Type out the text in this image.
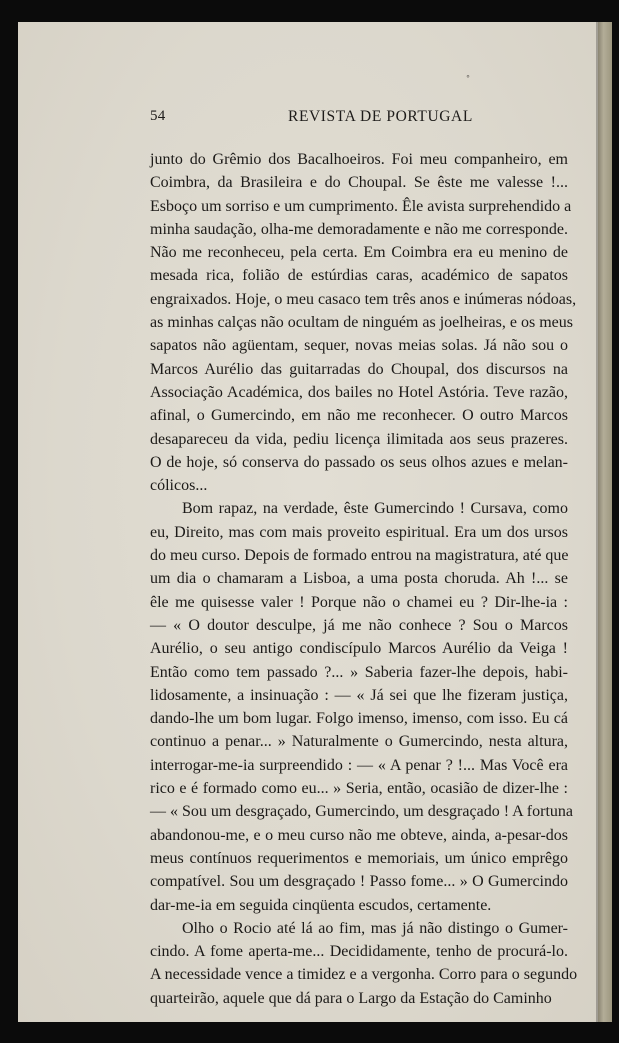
°
54	REVISTA DE PORTUGAL
junto do Grêmio dos Bacalhoeiros. Foi meu companheiro, em
Coimbra, da Brasileira e do Choupal. Se êste me valesse !...
Esboço um sorriso e um cumprimento. Êle avista surprehendido a
minha saudação, olha-me demoradamente e não me corresponde.
Não me reconheceu, pela certa. Em Coimbra era eu menino de
mesada rica, folião de estúrdias caras, académico de sapatos
engraixados. Hoje, o meu casaco tem três anos e inúmeras nódoas,
as minhas calças não ocultam de ninguém as joelheiras, e os meus
sapatos não agüentam, sequer, novas meias solas. Já não sou o
Marcos Aurélio das guitarradas do Choupal, dos discursos na
Associação Académica, dos bailes no Hotel Astória. Teve razão,
afinal, o Gumercindo, em não me reconhecer. O outro Marcos
desapareceu da vida, pediu licença ilimitada aos seus prazeres.
O de hoje, só conserva do passado os seus olhos azues e melan-
cólicos...
Bom rapaz, na verdade, êste Gumercindo ! Cursava, como
eu, Direito, mas com mais proveito espiritual. Era um dos ursos
do meu curso. Depois de formado entrou na magistratura, até que
um dia o chamaram a Lisboa, a uma posta choruda. Ah !... se
êle me quisesse valer ! Porque não o chamei eu ? Dir-lhe-ia :
— « O doutor desculpe, já me não conhece ? Sou o Marcos
Aurélio, o seu antigo condiscípulo Marcos Aurélio da Veiga !
Então como tem passado ?... » Saberia fazer-lhe depois, habi-
lidosamente, a insinuação : — « Já sei que lhe fizeram justiça,
dando-lhe um bom lugar. Folgo imenso, imenso, com isso. Eu cá
continuo a penar... » Naturalmente o Gumercindo, nesta altura,
interrogar-me-ia surpreendido : — « A penar ? !... Mas Você era
rico e é formado como eu... » Seria, então, ocasião de dizer-lhe :
— « Sou um desgraçado, Gumercindo, um desgraçado ! A fortuna
abandonou-me, e o meu curso não me obteve, ainda, a-pesar-dos
meus contínuos requerimentos e memoriais, um único emprêgo
compatível. Sou um desgraçado ! Passo fome... » O Gumercindo
dar-me-ia em seguida cinqüenta escudos, certamente.
Olho o Rocio até lá ao fim, mas já não distingo o Gumer-
cindo. A fome aperta-me... Decididamente, tenho de procurá-lo.
A necessidade vence a timidez e a vergonha. Corro para o segundo
quarteirão, aquele que dá para o Largo da Estação do Caminho
